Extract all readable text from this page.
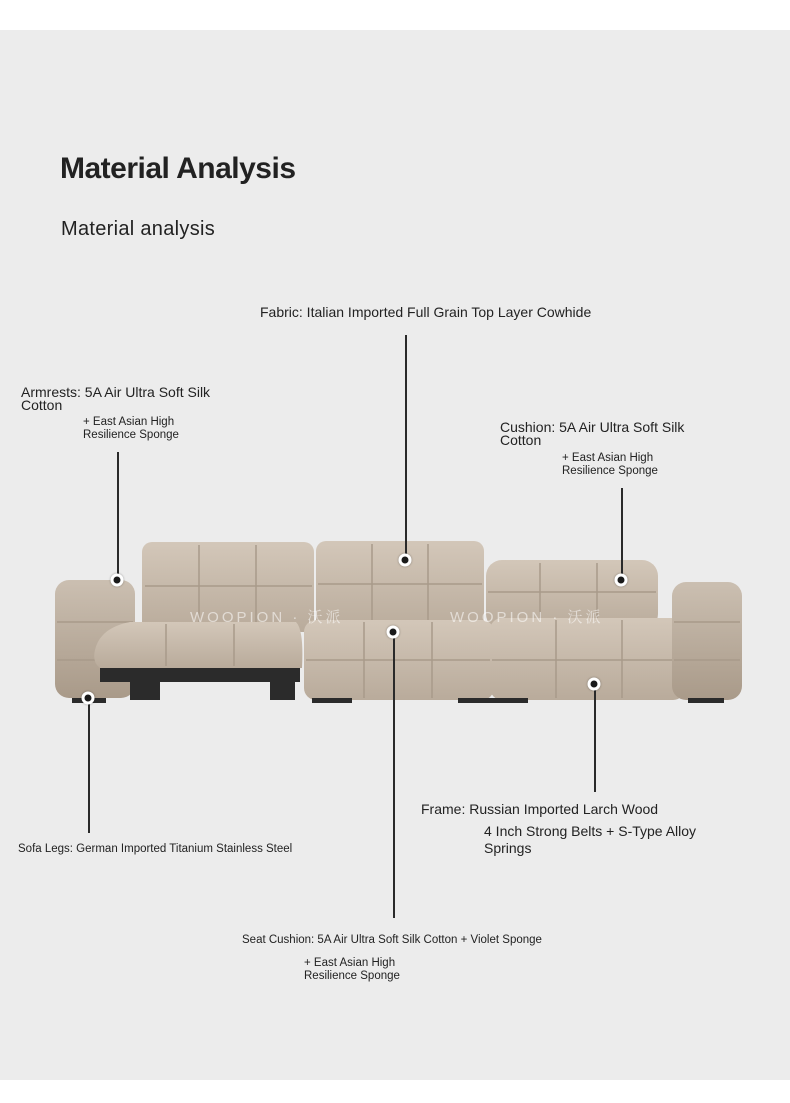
Material Analysis
Material analysis
WOOPION · 沃派	WOOPION · 沃派
Fabric: Italian Imported Full Grain Top Layer Cowhide
Armrests: 5A Air Ultra Soft Silk
Cotton
+ East Asian High
Resilience Sponge	Cushion: 5A Air Ultra Soft Silk
Cotton
+ East Asian High
Resilience Sponge
Frame: Russian Imported Larch Wood
4 Inch Strong Belts + S-Type Alloy
Springs
Sofa Legs: German Imported Titanium Stainless Steel
Seat Cushion: 5A Air Ultra Soft Silk Cotton + Violet Sponge
+ East Asian High
Resilience Sponge
